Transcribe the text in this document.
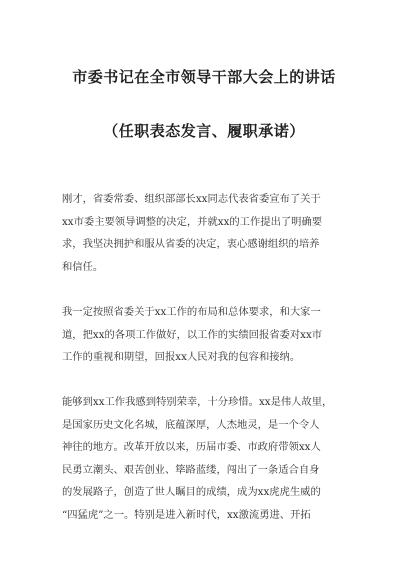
市委书记在全市领导干部大会上的讲话
（任职表态发言、履职承诺）
刚才，省委常委、组织部部长xx同志代表省委宣布了关于
xx市委主要领导调整的决定，并就xx的工作提出了明确要
求，我坚决拥护和服从省委的决定，衷心感谢组织的培养
和信任。
我一定按照省委关于xx工作的布局和总体要求，和大家一
道，把xx的各项工作做好，以工作的实绩回报省委对xx市
工作的重视和期望，回报xx人民对我的包容和接纳。
能够到xx工作我感到特别荣幸，十分珍惜。xx是伟人故里，
是国家历史文化名城，底蕴深厚，人杰地灵，是一个令人
神往的地方。改革开放以来，历届市委、市政府带领xx人
民勇立潮头、艰苦创业、筚路蓝缕，闯出了一条适合自身
的发展路子，创造了世人瞩目的成绩，成为xx虎虎生威的
“四猛虎”之一。特别是进入新时代，xx激流勇进、开拓
